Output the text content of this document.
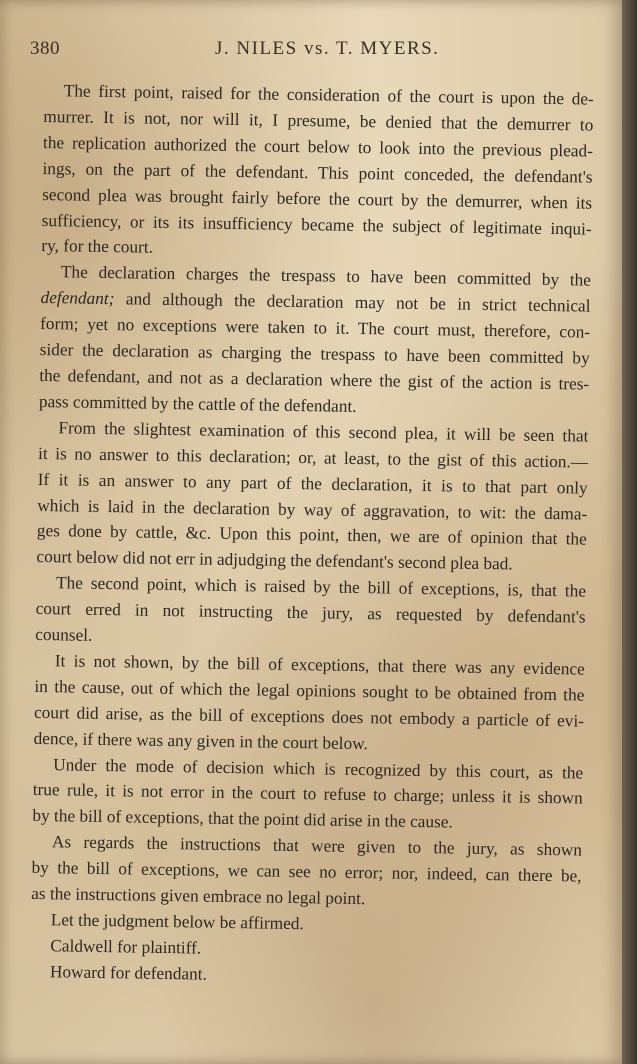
380	J. NILES vs. T. MYERS.

The first point, raised for the consideration of the court is upon the de-
murrer. It is not, nor will it, I presume, be denied that the demurrer to
the replication authorized the court below to look into the previous plead-
ings, on the part of the defendant. This point conceded, the defendant's
second plea was brought fairly before the court by the demurrer, when its
sufficiency, or its its insufficiency became the subject of legitimate inqui-
ry, for the court.

The declaration charges the trespass to have been committed by the
defendant; and although the declaration may not be in strict technical
form; yet no exceptions were taken to it. The court must, therefore, con-
sider the declaration as charging the trespass to have been committed by
the defendant, and not as a declaration where the gist of the action is tres-
pass committed by the cattle of the defendant.

From the slightest examination of this second plea, it will be seen that
it is no answer to this declaration; or, at least, to the gist of this action.—
If it is an answer to any part of the declaration, it is to that part only
which is laid in the declaration by way of aggravation, to wit: the dama-
ges done by cattle, &c. Upon this point, then, we are of opinion that the
court below did not err in adjudging the defendant's second plea bad.

The second point, which is raised by the bill of exceptions, is, that the
court erred in not instructing the jury, as requested by defendant's
counsel.

It is not shown, by the bill of exceptions, that there was any evidence
in the cause, out of which the legal opinions sought to be obtained from the
court did arise, as the bill of exceptions does not embody a particle of evi-
dence, if there was any given in the court below.

Under the mode of decision which is recognized by this court, as the
true rule, it is not error in the court to refuse to charge; unless it is shown
by the bill of exceptions, that the point did arise in the cause.

As regards the instructions that were given to the jury, as shown
by the bill of exceptions, we can see no error; nor, indeed, can there be,
as the instructions given embrace no legal point.

Let the judgment below be affirmed.
Caldwell for plaintiff.
Howard for defendant.
